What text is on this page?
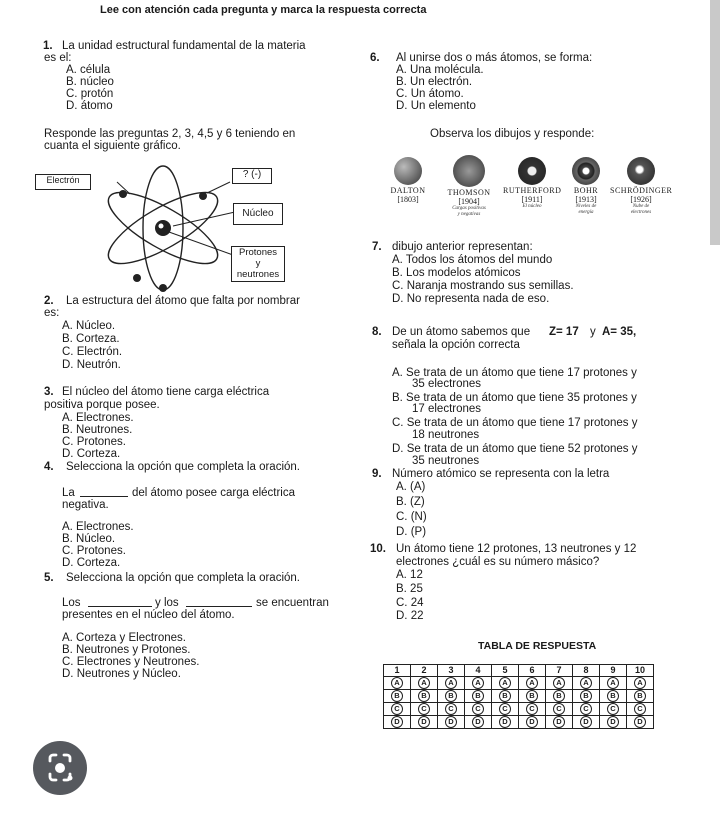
Lee con atención cada pregunta y marca la respuesta correcta
1. La unidad estructural fundamental de la materia
es el:
A. célula
B. núcleo
C. protón
D. átomo
Responde las preguntas 2, 3, 4,5 y 6 teniendo en
cuanta el siguiente gráfico.
Electrón	? (-)
Núcleo
Protones
y
neutrones
2. La estructura del átomo que falta por nombrar
es:
A. Núcleo.
B. Corteza.
C. Electrón.
D. Neutrón.
3. El núcleo del átomo tiene carga eléctrica
positiva porque posee.
A. Electrones.
B. Neutrones.
C. Protones.
D. Corteza.
4. Selecciona la opción que completa la oración.
La	del átomo posee carga eléctrica
negativa.
A. Electrones.
B. Núcleo.
C. Protones.
D. Corteza.
5. Selecciona la opción que completa la oración.
Los	y los	se encuentran
presentes en el núcleo del átomo.
A. Corteza y Electrones.
B. Neutrones y Protones.
C. Electrones y Neutrones.
D. Neutrones y Núcleo.
6. Al unirse dos o más átomos, se forma:
A. Una molécula.
B. Un electrón.
C. Un átomo.
D. Un elemento
Observa los dibujos y responde:
DALTON
[1803]
THOMSON
[1904]
Cargas positivas
y negativas
RUTHERFORD
[1911]
El núcleo
BOHR
[1913]
Niveles de
energía
SCHRÖDINGER
[1926]
Nube de
electrones
7. dibujo anterior representan:
A. Todos los átomos del mundo
B. Los modelos atómicos
C. Naranja mostrando sus semillas.
D. No representa nada de eso.
8. De un átomo sabemos que Z= 17 y A= 35,
señala la opción correcta
A. Se trata de un átomo que tiene 17 protones y
35 electrones
B. Se trata de un átomo que tiene 35 protones y
17 electrones
C. Se trata de un átomo que tiene 17 protones y
18 neutrones
D. Se trata de un átomo que tiene 52 protones y
35 neutrones
9. Número atómico se representa con la letra
A. (A)
B. (Z)
C. (N)
D. (P)
10. Un átomo tiene 12 protones, 13 neutrones y 12
electrones ¿cuál es su número másico?
A. 12
B. 25
C. 24
D. 22
TABLA DE RESPUESTA
1	2	3	4	5	6	7	8	9	10
A	A	A	A	A	A	A	A	A	A
B	B	B	B	B	B	B	B	B	B
C	C	C	C	C	C	C	C	C	C
D	D	D	D	D	D	D	D	D	D
